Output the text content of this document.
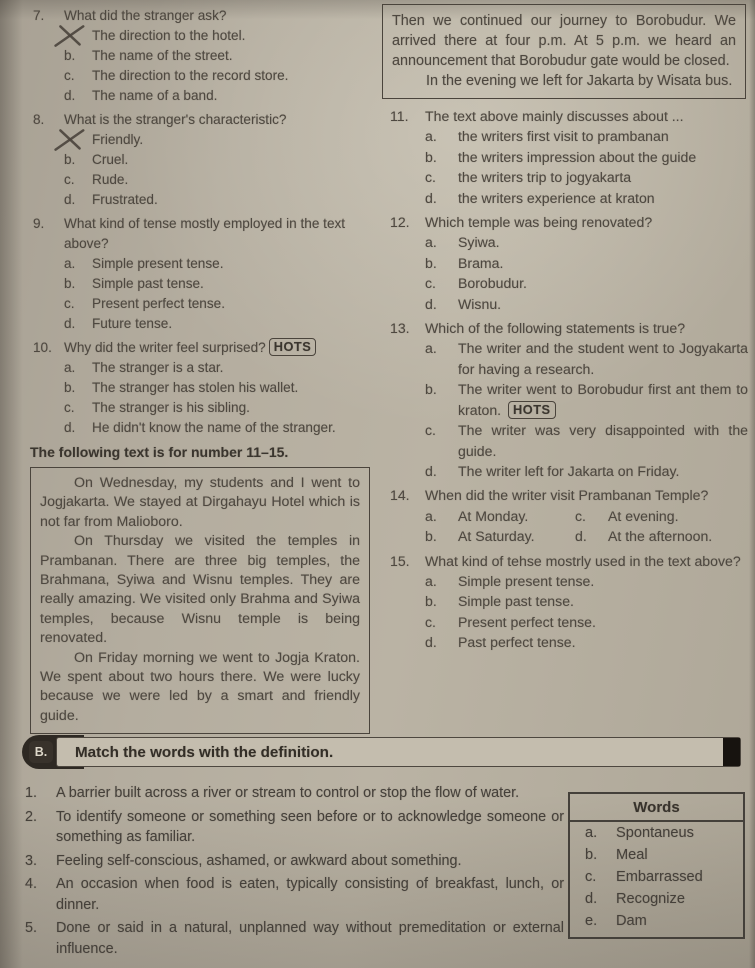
7.	What did the stranger ask?
The direction to the hotel.
b.	The name of the street.
c.	The direction to the record store.
d.	The name of a band.
8.	What is the stranger's characteristic?
Friendly.
b.	Cruel.
c.	Rude.
d.	Frustrated.
9.	What kind of tense mostly employed in the text above?
a.	Simple present tense.
b.	Simple past tense.
c.	Present perfect tense.
d.	Future tense.
10. Why did the writer feel surprised? HOTS
a.	The stranger is a star.
b.	The stranger has stolen his wallet.
c.	The stranger is his sibling.
d.	He didn't know the name of the stranger.
The following text is for number 11–15.

On Wednesday, my students and I went to Jogjakarta. We stayed at Dirgahayu Hotel which is not far from Malioboro.

On Thursday we visited the temples in Prambanan. There are three big temples, the Brahmana, Syiwa and Wisnu temples. They are really amazing. We visited only Brahma and Syiwa temples, because Wisnu temple is being renovated.

On Friday morning we went to Jogja Kraton. We spent about two hours there. We were lucky because we were led by a smart and friendly guide.

Then we continued our journey to Borobudur. We arrived there at four p.m. At 5 p.m. we heard an announcement that Borobudur gate would be closed.

In the evening we left for Jakarta by Wisata bus.

11.	The text above mainly discusses about ...
a.	the writers first visit to prambanan
b.	the writers impression about the guide
c.	the writers trip to jogyakarta
d.	the writers experience at kraton
12.	Which temple was being renovated?
a.	Syiwa.
b.	Brama.
c.	Borobudur.
d.	Wisnu.
13.	Which of the following statements is true?
a.	The writer and the student went to Jogyakarta for having a research.
b.	The writer went to Borobudur first ant them to kraton. HOTS
c.	The writer was very disappointed with the guide.
d.	The writer left for Jakarta on Friday.
14.	When did the writer visit Prambanan Temple?
a.	At Monday.	c.	At evening.
b.	At Saturday.	d.	At the afternoon.
15.	What kind of tehse mostrly used in the text above?
a.	Simple present tense.
b.	Simple past tense.
c.	Present perfect tense.
d.	Past perfect tense.
Match the words with the definition.
B.
1.	A barrier built across a river or stream to control or stop the flow of water.
2.	To identify someone or something seen before or to acknowledge someone or something as familiar.
3.	Feeling self-conscious, ashamed, or awkward about something.
4.	An occasion when food is eaten, typically consisting of breakfast, lunch, or dinner.
5.	Done or said in a natural, unplanned way without premeditation or external influence.
Words
a.	Spontaneus
b.	Meal
c.	Embarrassed
d.	Recognize
e.	Dam
